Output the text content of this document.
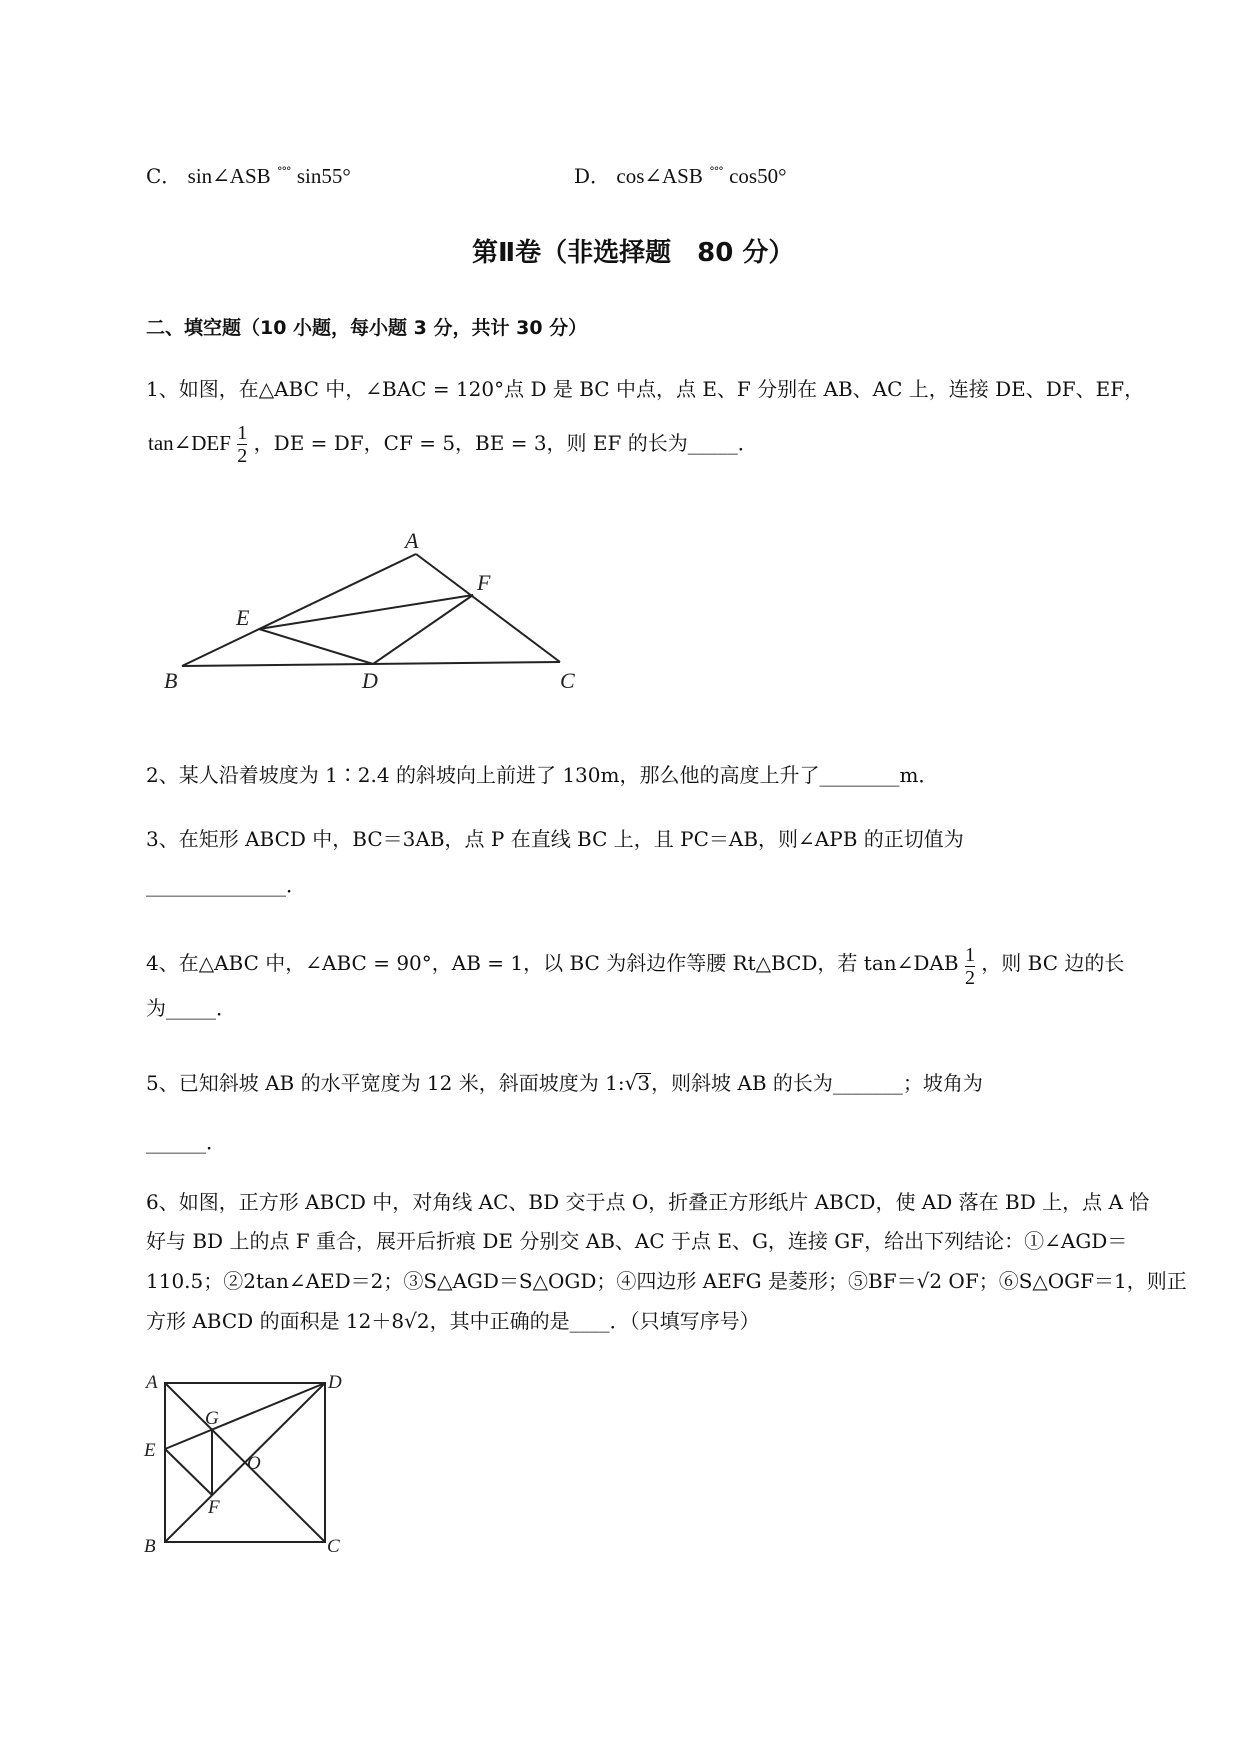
C． sin∠ASB °°° sin55°	D． cos∠ASB °°° cos50°
第Ⅱ卷（非选择题　80 分）
二、填空题（10 小题，每小题 3 分，共计 30 分）
1、如图，在△ABC 中，∠BAC = 120°点 D 是 BC 中点，点 E、F 分别在 AB、AC 上，连接 DE、DF、EF，
tan∠DEF $\frac{1}{2}$ ，DE = DF，CF = 5，BE = 3，则 EF 的长为_____．
A
B	C
D
E
F
2、某人沿着坡度为 1∶2.4 的斜坡向上前进了 130m，那么他的高度上升了________m．
3、在矩形 ABCD 中，BC＝3AB，点 P 在直线 BC 上，且 PC＝AB，则∠APB 的正切值为
______________．
4、在△ABC 中，∠ABC = 90°，AB = 1，以 BC 为斜边作等腰 Rt△BCD，若 tan∠DAB $\frac{1}{2}$ ，则 BC 边的长
为_____．
5、已知斜坡 AB 的水平宽度为 12 米，斜面坡度为 1:√3，则斜坡 AB 的长为_______；坡角为
______．
6、如图，正方形 ABCD 中，对角线 AC、BD 交于点 O，折叠正方形纸片 ABCD，使 AD 落在 BD 上，点 A 恰
好与 BD 上的点 F 重合，展开后折痕 DE 分别交 AB、AC 于点 E、G，连接 GF，给出下列结论：①∠AGD＝
110.5；②2tan∠AED＝2；③S△AGD＝S△OGD；④四边形 AEFG 是菱形；⑤BF＝√2 OF；⑥S△OGF＝1，则正
方形 ABCD 的面积是 12＋8√2，其中正确的是____．（只填写序号）
A	D
B	C
E
G
F
O
